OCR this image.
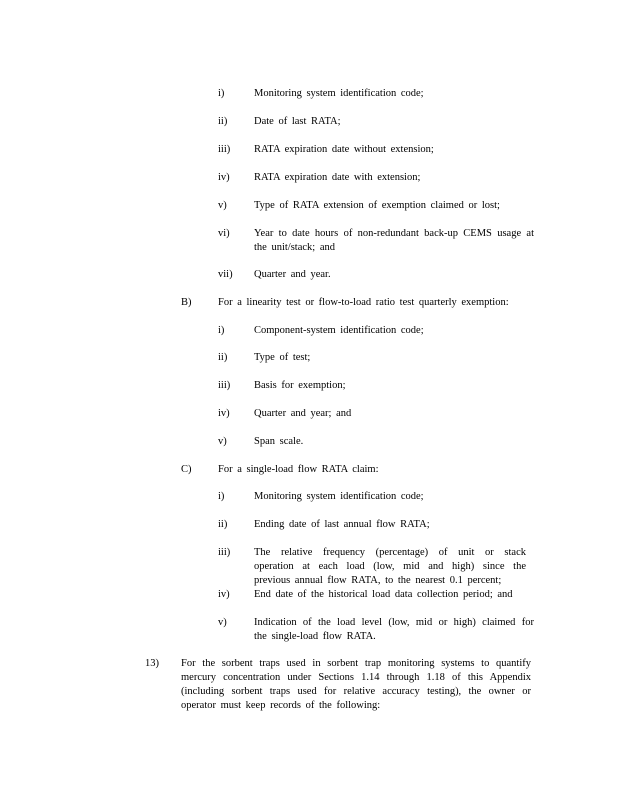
i)	Monitoring system identification code;
ii)	Date of last RATA;
iii) RATA expiration date without extension;
iv) RATA expiration date with extension;
v)	Type of RATA extension of exemption claimed or lost;
vi) Year to date hours of non-redundant back-up CEMS usage at the unit/stack; and
vii) Quarter and year.
B)	For a linearity test or flow-to-load ratio test quarterly exemption:
i)	Component-system identification code;
ii)	Type of test;
iii) Basis for exemption;
iv) Quarter and year; and
v)	Span scale.
C)	For a single-load flow RATA claim:
i)	Monitoring system identification code;
ii)	Ending date of last annual flow RATA;
iii) The relative frequency (percentage) of unit or stack operation at each load (low, mid and high) since the previous annual flow RATA, to the nearest 0.1 percent;
iv) End date of the historical load data collection period; and
v)	Indication of the load level (low, mid or high) claimed for the single-load flow RATA.
13) For the sorbent traps used in sorbent trap monitoring systems to quantify mercury concentration under Sections 1.14 through 1.18 of this Appendix (including sorbent traps used for relative accuracy testing), the owner or operator must keep records of the following:
